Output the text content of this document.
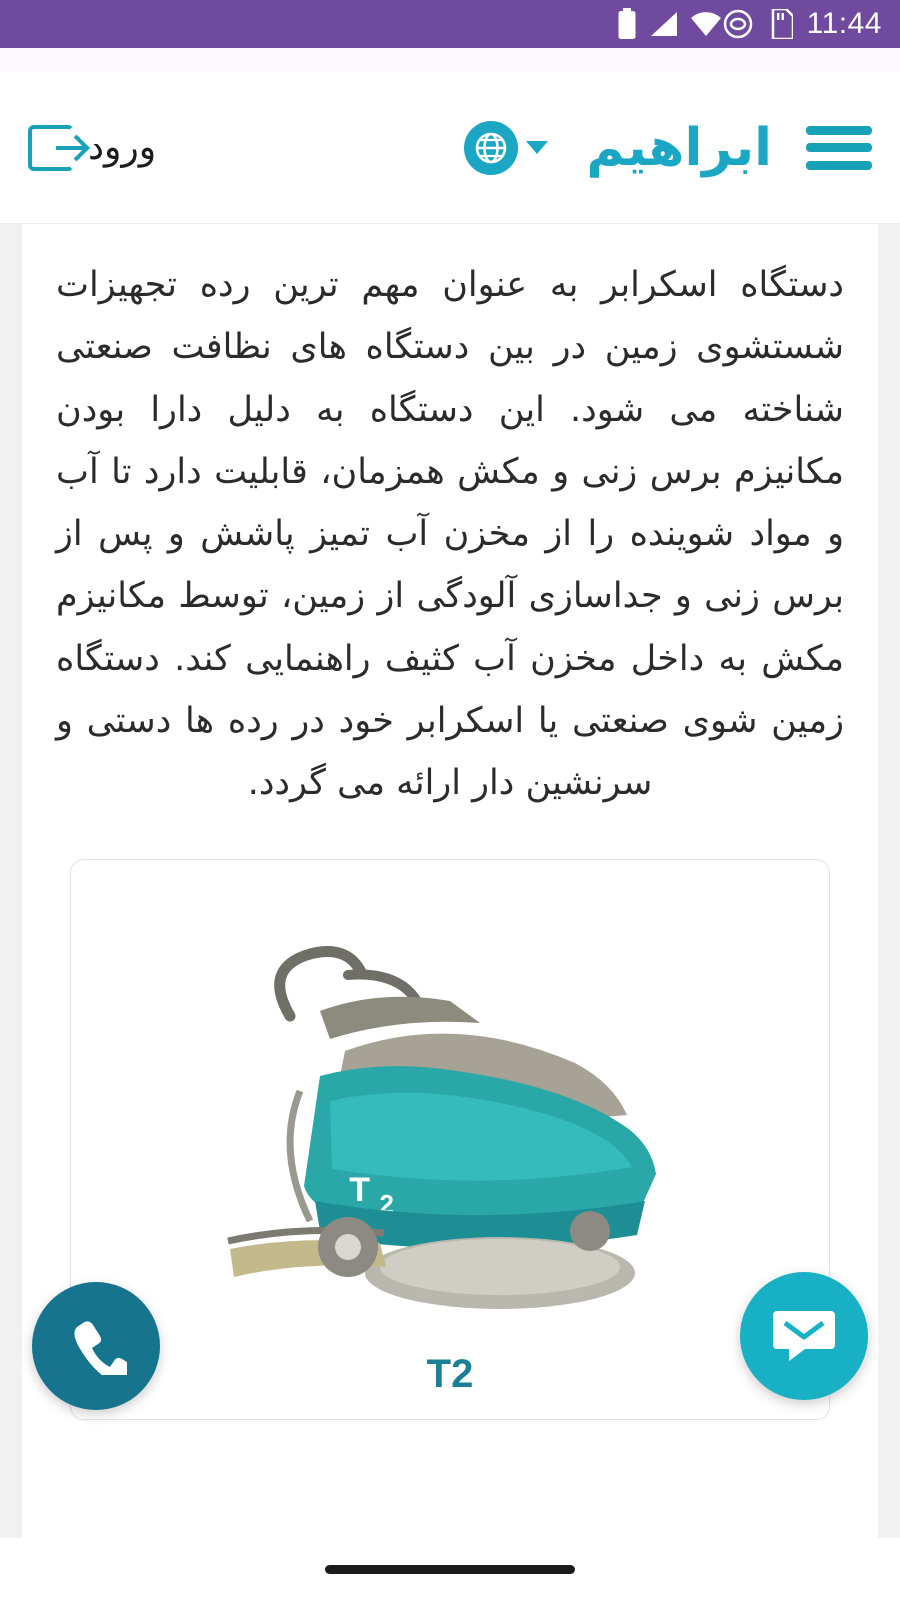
11:44
ابراهیم
ورود

دستگاه اسکرابر به عنوان مهم ترین رده تجهیزات شستشوی زمین در بین دستگاه های نظافت صنعتی شناخته می شود. این دستگاه به دلیل دارا بودن مکانیزم برس زنی و مکش همزمان، قابلیت دارد تا آب و مواد شوینده را از مخزن آب تمیز پاشش و پس از برس زنی و جداسازی آلودگی از زمین، توسط مکانیزم مکش به داخل مخزن آب کثیف راهنمایی کند. دستگاه زمین شوی صنعتی یا اسکرابر خود در رده ها دستی و سرنشین دار ارائه می گردد.

T 2
T2
